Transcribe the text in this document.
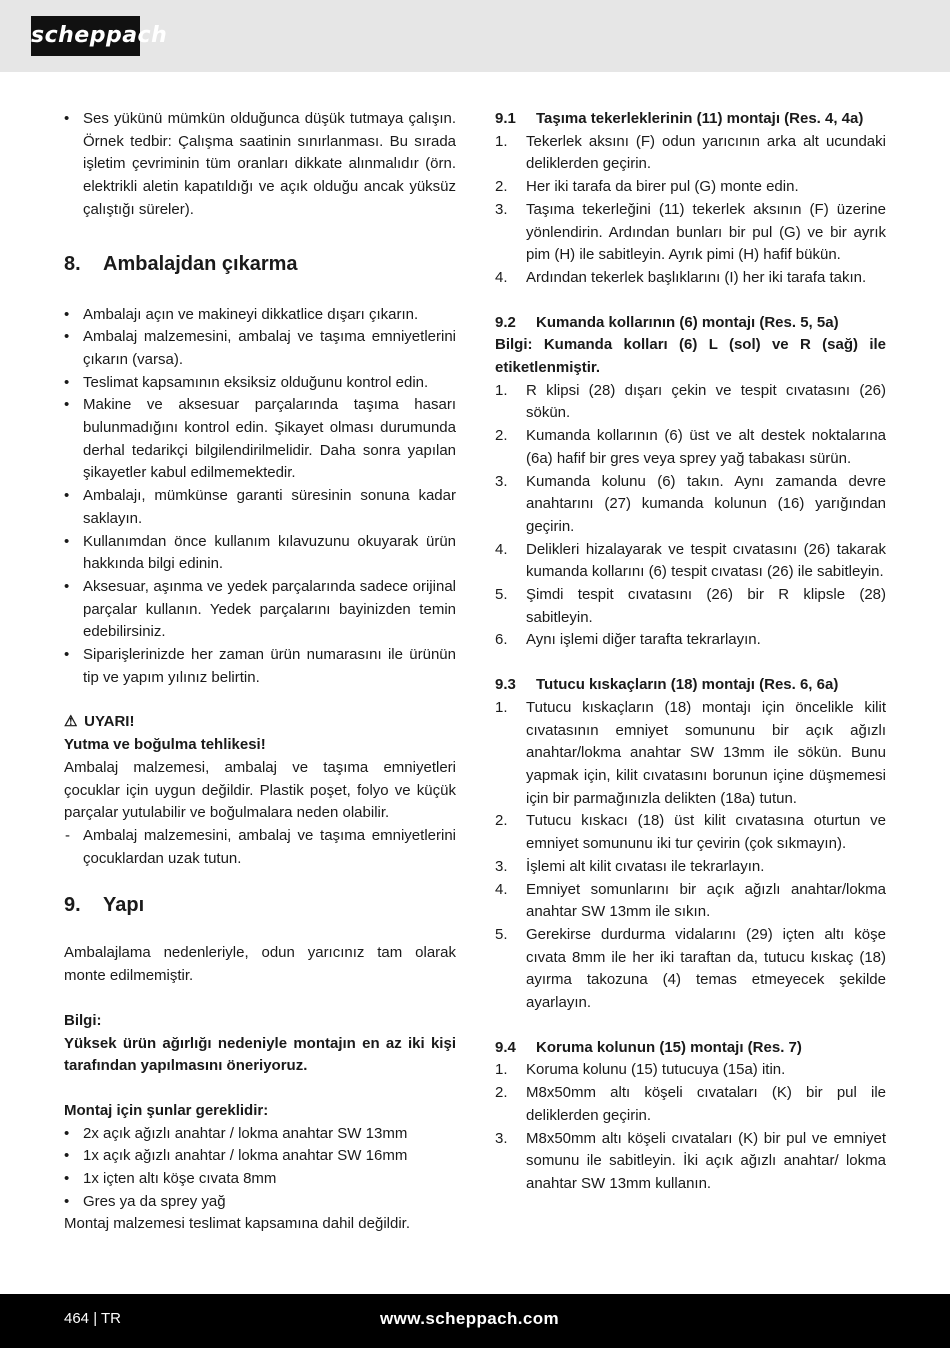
scheppach
• Ses yükünü mümkün olduğunca düşük tutmaya çalışın. Örnek tedbir: Çalışma saatinin sınırlanması. Bu sırada işletim çevriminin tüm oranları dikkate alınmalıdır (örn. elektrikli aletin kapatıldığı ve açık olduğu ancak yüksüz çalıştığı süreler).
8. Ambalajdan çıkarma
• Ambalajı açın ve makineyi dikkatlice dışarı çıkarın.
• Ambalaj malzemesini, ambalaj ve taşıma emniyetlerini çıkarın (varsa).
• Teslimat kapsamının eksiksiz olduğunu kontrol edin.
• Makine ve aksesuar parçalarında taşıma hasarı bulunmadığını kontrol edin. Şikayet olması durumunda derhal tedarikçi bilgilendirilmelidir. Daha sonra yapılan şikayetler kabul edilmemektedir.
• Ambalajı, mümkünse garanti süresinin sonuna kadar saklayın.
• Kullanımdan önce kullanım kılavuzunu okuyarak ürün hakkında bilgi edinin.
• Aksesuar, aşınma ve yedek parçalarında sadece orijinal parçalar kullanın. Yedek parçalarını bayinizden temin edebilirsiniz.
• Siparişlerinizde her zaman ürün numarasını ile ürünün tip ve yapım yılınız belirtin.

⚠ UYARI!

Yutma ve boğulma tehlikesi!

Ambalaj malzemesi, ambalaj ve taşıma emniyetleri çocuklar için uygun değildir. Plastik poşet, folyo ve küçük parçalar yutulabilir ve boğulmalara neden olabilir.

- Ambalaj malzemesini, ambalaj ve taşıma emniyetlerini çocuklardan uzak tutun.
9. Yapı

Ambalajlama nedenleriyle, odun yarıcınız tam olarak monte edilmemiştir.

Bilgi:

Yüksek ürün ağırlığı nedeniyle montajın en az iki kişi tarafından yapılmasını öneriyoruz.

Montaj için şunlar gereklidir:

• 2x açık ağızlı anahtar / lokma anahtar SW 13mm
• 1x açık ağızlı anahtar / lokma anahtar SW 16mm
• 1x içten altı köşe cıvata 8mm
• Gres ya da sprey yağ

Montaj malzemesi teslimat kapsamına dahil değildir.

9.1 Taşıma tekerleklerinin (11) montajı (Res. 4, 4a)

1. Tekerlek aksını (F) odun yarıcının arka alt ucundaki deliklerden geçirin.
2. Her iki tarafa da birer pul (G) monte edin.
3. Taşıma tekerleğini (11) tekerlek aksının (F) üzerine yönlendirin. Ardından bunları bir pul (G) ve bir ayrık pim (H) ile sabitleyin. Ayrık pimi (H) hafif bükün.
4. Ardından tekerlek başlıklarını (I) her iki tarafa takın.

9.2 Kumanda kollarının (6) montajı (Res. 5, 5a)

Bilgi: Kumanda kolları (6) L (sol) ve R (sağ) ile etiketlenmiştir.

1. R klipsi (28) dışarı çekin ve tespit cıvatasını (26) sökün.
2. Kumanda kollarının (6) üst ve alt destek noktalarına (6a) hafif bir gres veya sprey yağ tabakası sürün.
3. Kumanda kolunu (6) takın. Aynı zamanda devre anahtarını (27) kumanda kolunun (16) yarığından geçirin.
4. Delikleri hizalayarak ve tespit cıvatasını (26) takarak kumanda kollarını (6) tespit cıvatası (26) ile sabitleyin.
5. Şimdi tespit cıvatasını (26) bir R klipsle (28) sabitleyin.
6. Aynı işlemi diğer tarafta tekrarlayın.

9.3 Tutucu kıskaçların (18) montajı (Res. 6, 6a)

1. Tutucu kıskaçların (18) montajı için öncelikle kilit cıvatasının emniyet somununu bir açık ağızlı anahtar/lokma anahtar SW 13mm ile sökün. Bunu yapmak için, kilit cıvatasını borunun içine düşmemesi için bir parmağınızla delikten (18a) tutun.
2. Tutucu kıskacı (18) üst kilit cıvatasına oturtun ve emniyet somununu iki tur çevirin (çok sıkmayın).
3. İşlemi alt kilit cıvatası ile tekrarlayın.
4. Emniyet somunlarını bir açık ağızlı anahtar/lokma anahtar SW 13mm ile sıkın.
5. Gerekirse durdurma vidalarını (29) içten altı köşe cıvata 8mm ile her iki taraftan da, tutucu kıskaç (18) ayırma takozuna (4) temas etmeyecek şekilde ayarlayın.

9.4 Koruma kolunun (15) montajı (Res. 7)

1. Koruma kolunu (15) tutucuya (15a) itin.
2. M8x50mm altı köşeli cıvataları (K) bir pul ile deliklerden geçirin.
3. M8x50mm altı köşeli cıvataları (K) bir pul ve emniyet somunu ile sabitleyin. İki açık ağızlı anahtar/ lokma anahtar SW 13mm kullanın.
464 | TR	www.scheppach.com
